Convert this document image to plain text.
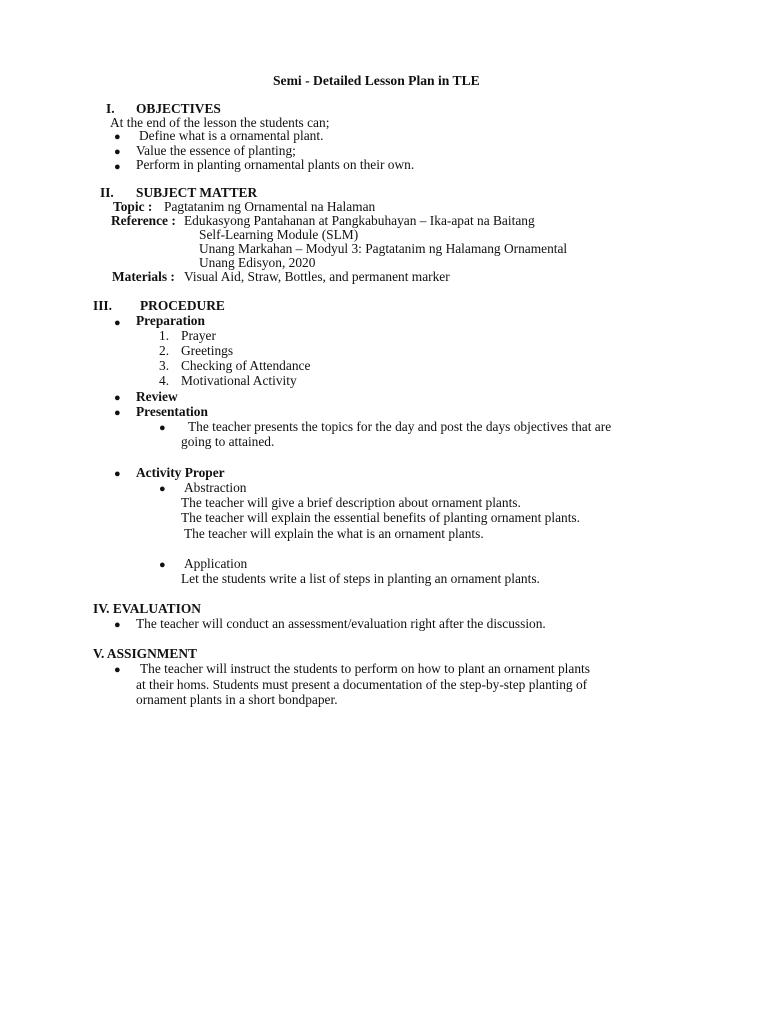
Semi - Detailed Lesson Plan in TLE
I. OBJECTIVES
At the end of the lesson the students can;
● Define what is a ornamental plant.
● Value the essence of planting;
● Perform in planting ornamental plants on their own.
II. SUBJECT MATTER
Topic : Pagtatanim ng Ornamental na Halaman
Reference : Edukasyong Pantahanan at Pangkabuhayan – Ika-apat na Baitang
Self-Learning Module (SLM)
Unang Markahan – Modyul 3: Pagtatanim ng Halamang Ornamental
Unang Edisyon, 2020
Materials : Visual Aid, Straw, Bottles, and permanent marker
III. PROCEDURE
● Preparation
1. Prayer
2. Greetings
3. Checking of Attendance
4. Motivational Activity
● Review
● Presentation
● The teacher presents the topics for the day and post the days objectives that are
going to attained.
● Activity Proper
● Abstraction
The teacher will give a brief description about ornament plants.
The teacher will explain the essential benefits of planting ornament plants.
The teacher will explain the what is an ornament plants.
● Application
Let the students write a list of steps in planting an ornament plants.
IV. EVALUATION
● The teacher will conduct an assessment/evaluation right after the discussion.
V. ASSIGNMENT
● The teacher will instruct the students to perform on how to plant an ornament plants
at their homs. Students must present a documentation of the step-by-step planting of
ornament plants in a short bondpaper.
